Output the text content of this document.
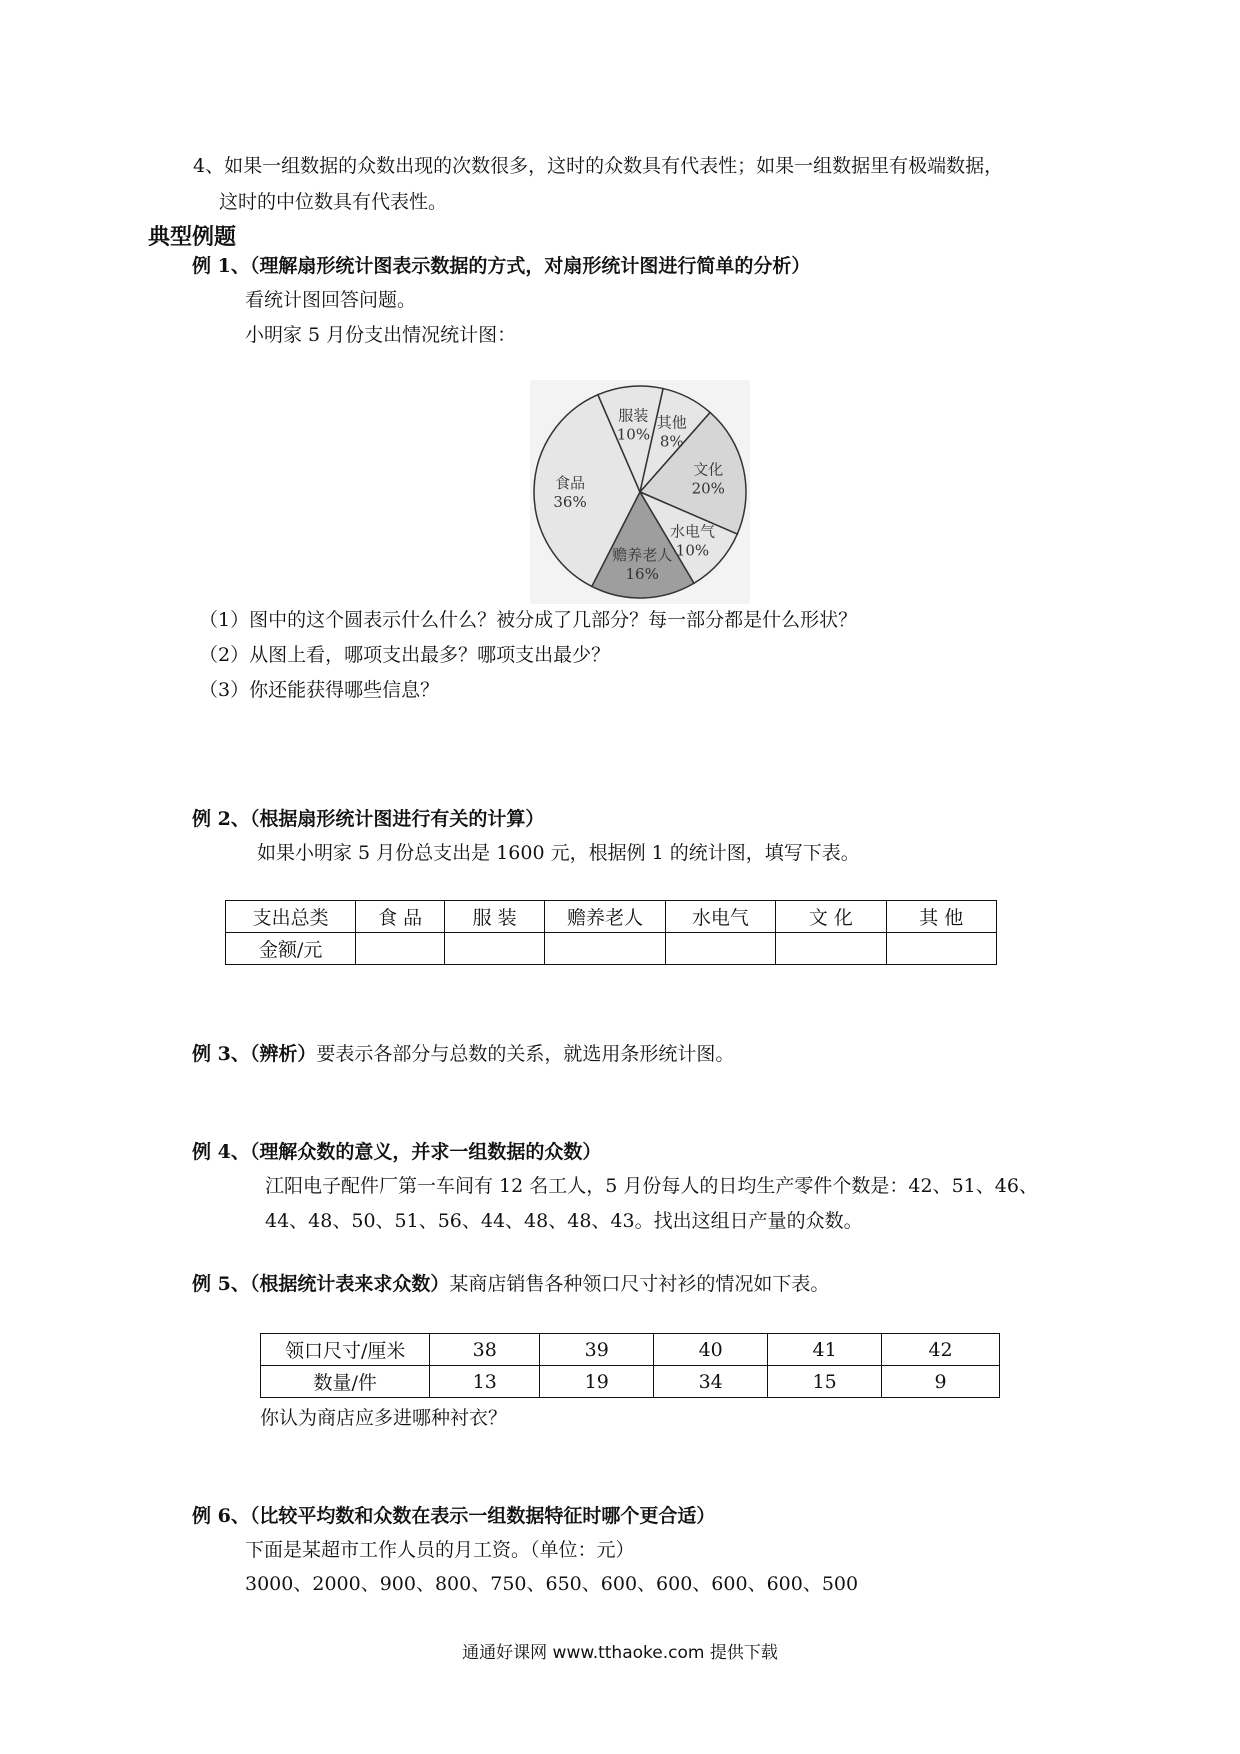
4、如果一组数据的众数出现的次数很多，这时的众数具有代表性；如果一组数据里有极端数据，
这时的中位数具有代表性。
典型例题
例 1、（理解扇形统计图表示数据的方式，对扇形统计图进行简单的分析）
看统计图回答问题。
小明家 5 月份支出情况统计图：
食品
36%
服装
10%
其他
8%
文化
20%
水电气
10%
赡养老人
16%
（1）图中的这个圆表示什么什么？被分成了几部分？每一部分都是什么形状？
（2）从图上看，哪项支出最多？哪项支出最少？
（3）你还能获得哪些信息？
例 2、（根据扇形统计图进行有关的计算）
如果小明家 5 月份总支出是 1600 元，根据例 1 的统计图，填写下表。
支出总类	食 品	服 装	赡养老人	水电气	文 化	其 他
金额/元						
例 3、（辨析）要表示各部分与总数的关系，就选用条形统计图。
例 4、（理解众数的意义，并求一组数据的众数）
江阳电子配件厂第一车间有 12 名工人，5 月份每人的日均生产零件个数是：42、51、46、
44、48、50、51、56、44、48、48、43。找出这组日产量的众数。
例 5、（根据统计表来求众数）某商店销售各种领口尺寸衬衫的情况如下表。
领口尺寸/厘米	38	39	40	41	42
数量/件	13	19	34	15	9
你认为商店应多进哪种衬衣？
例 6、（比较平均数和众数在表示一组数据特征时哪个更合适）
下面是某超市工作人员的月工资。（单位：元）
3000、2000、900、800、750、650、600、600、600、600、500
通通好课网 www.tthaoke.com 提供下载
